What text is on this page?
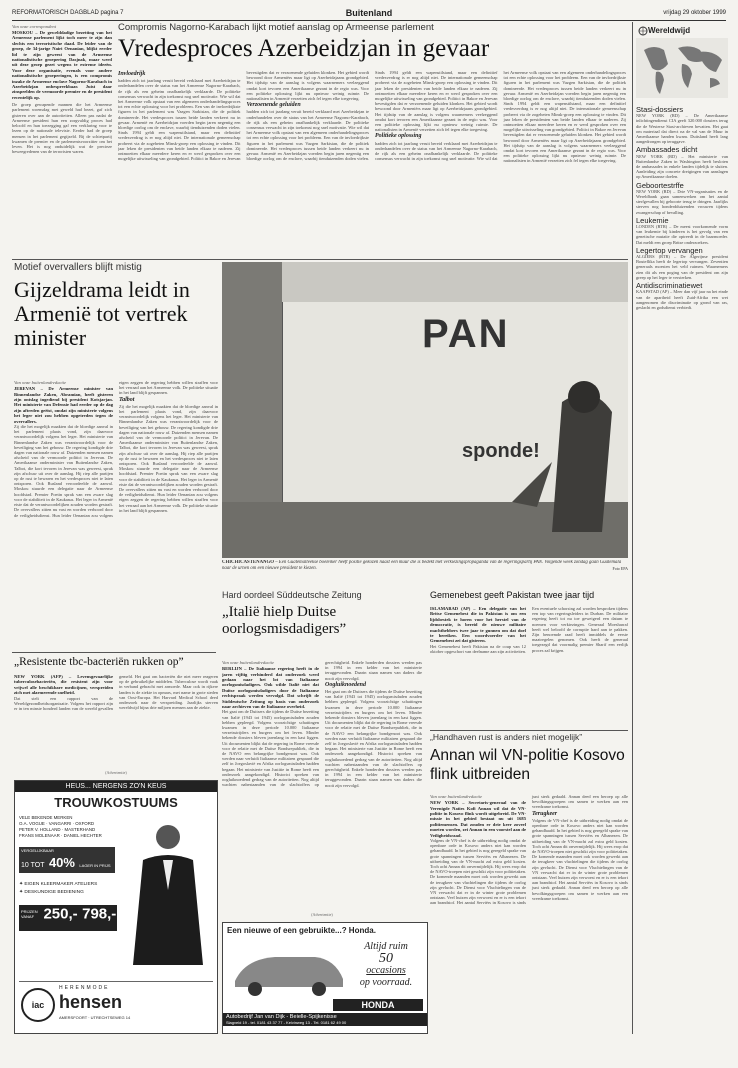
REFORMATORISCH DAGBLAD pagina 7	Buitenland	vrijdag 29 oktober 1999
Van onze correspondent
MOSKOU – De gewelddadige bezetting van het Armeense parlement lijkt toch meer te zijn dan slechts een terroristische daad. De leider van de groep, de 34-jarige Nairi Oenanian, blijkt eerder lid te zijn geweest van de Armeense nationalistische groepering Dasjnak, maar werd uit deze groep gezet wegens te extreme ideeën. Voor deze organisatie, evenals voor andere nationalistische groeperingen, is een compromis inzake de Armeense enclave Nagorno-Karabach in Azerbeidzjan onbespreekbaar. Juist daar zinspeelden de vermoorde premier en de president recentelijk op.
De groep gewapende mannen die het Armeense parlement woensdag met geweld had bezet, gaf zich gisteren over aan de autoriteiten. Alleen pas nadat de Armeense president hun een zorgvuldig proces had beloofd en hun toezegging gaf een verklaring voor te lezen op de nationale televisie. Eerder had de groep mensen in het parlement gegijzeld. Bij de schietpartij kwamen de premier en de parlementsvoorzitter om het leven. Het is nog onduidelijk wat de precieze beweegredenen van de terroristen waren.
Compromis Nagorno-Karabach lijkt motief aanslag op Armeense parlement
Vredesproces Azerbeidzjan in gevaar
Invloedrijk
hadden zich tot jaarlang veruit bereid verklaard met Azerbeidzjan te onderhandelen over de status van het Armeense Nagorno-Karabach, de rijk als een geheim onafhankelijk verklaarde. De politieke consensus verwacht in zijn toekomst nog snel motivatie. Wie wil dat het Armeense volk opstaat van een algemeen onderhandelingsproces tot een echte oplossing voor het probleem. Een van de invloedrijkste figuren in het parlement was Vazgen Sarkisian, die de politiek domineerde. Het vredesproces tussen beide landen verkeert nu in gevaar. Armenië en Azerbeidzjan voerden begin jaren negentig een bloedige oorlog om de enclave, waarbij tienduizenden doden vielen. Sinds 1994 geldt een wapenstilstand, maar een definitief vredesverdrag is er nog altijd niet. De internationale gemeenschap probeert via de zogeheten Minsk-groep een oplossing te vinden. Dit jaar leken de presidenten van beide landen elkaar te naderen. Zij ontmoetten elkaar meerdere keren en er werd gesproken over een mogelijke uitwisseling van grondgebied. Politici in Bakoe en Jerevan bevestigden dat er verzoenende geluiden klonken. Het gebied wordt bewoond door Armeniërs maar ligt op Azerbeidzjaans grondgebied. Het tijdstip van de aanslag is volgens waarnemers veelzeggend omdat kort tevoren een Amerikaanse gezant in de regio was. Voor een politieke oplossing lijkt nu opnieuw weinig ruimte. De nationalisten in Armenië verzetten zich fel tegen elke toegeving.
Verzoenende geluiden
hadden zich tot jaarlang veruit bereid verklaard met Azerbeidzjan te onderhandelen over de status van het Armeense Nagorno-Karabach, de rijk als een geheim onafhankelijk verklaarde. De politieke consensus verwacht in zijn toekomst nog snel motivatie. Wie wil dat het Armeense volk opstaat van een algemeen onderhandelingsproces tot een echte oplossing voor het probleem. Een van de invloedrijkste figuren in het parlement was Vazgen Sarkisian, die de politiek domineerde. Het vredesproces tussen beide landen verkeert nu in gevaar. Armenië en Azerbeidzjan voerden begin jaren negentig een bloedige oorlog om de enclave, waarbij tienduizenden doden vielen. Sinds 1994 geldt een wapenstilstand, maar een definitief vredesverdrag is er nog altijd niet. De internationale gemeenschap probeert via de zogeheten Minsk-groep een oplossing te vinden. Dit jaar leken de presidenten van beide landen elkaar te naderen. Zij ontmoetten elkaar meerdere keren en er werd gesproken over een mogelijke uitwisseling van grondgebied. Politici in Bakoe en Jerevan bevestigden dat er verzoenende geluiden klonken. Het gebied wordt bewoond door Armeniërs maar ligt op Azerbeidzjaans grondgebied. Het tijdstip van de aanslag is volgens waarnemers veelzeggend omdat kort tevoren een Amerikaanse gezant in de regio was. Voor een politieke oplossing lijkt nu opnieuw weinig ruimte. De nationalisten in Armenië verzetten zich fel tegen elke toegeving.
Politieke oplossing
hadden zich tot jaarlang veruit bereid verklaard met Azerbeidzjan te onderhandelen over de status van het Armeense Nagorno-Karabach, de rijk als een geheim onafhankelijk verklaarde. De politieke consensus verwacht in zijn toekomst nog snel motivatie. Wie wil dat het Armeense volk opstaat van een algemeen onderhandelingsproces tot een echte oplossing voor het probleem. Een van de invloedrijkste figuren in het parlement was Vazgen Sarkisian, die de politiek domineerde. Het vredesproces tussen beide landen verkeert nu in gevaar. Armenië en Azerbeidzjan voerden begin jaren negentig een bloedige oorlog om de enclave, waarbij tienduizenden doden vielen. Sinds 1994 geldt een wapenstilstand, maar een definitief vredesverdrag is er nog altijd niet. De internationale gemeenschap probeert via de zogeheten Minsk-groep een oplossing te vinden. Dit jaar leken de presidenten van beide landen elkaar te naderen. Zij ontmoetten elkaar meerdere keren en er werd gesproken over een mogelijke uitwisseling van grondgebied. Politici in Bakoe en Jerevan bevestigden dat er verzoenende geluiden klonken. Het gebied wordt bewoond door Armeniërs maar ligt op Azerbeidzjaans grondgebied. Het tijdstip van de aanslag is volgens waarnemers veelzeggend omdat kort tevoren een Amerikaanse gezant in de regio was. Voor een politieke oplossing lijkt nu opnieuw weinig ruimte. De nationalisten in Armenië verzetten zich fel tegen elke toegeving.
Motief overvallers blijft mistig
Gijzeldrama leidt in Armenië tot vertrek minister
Van onze buitenlandredactie
JEREVAN – De Armeense minister van Binnenlandse Zaken, Abramian, heeft gisteren zijn ontslag ingediend bij president Kotsjarjan. Het ministerie van Defensie had eerder op de dag zijn aftreden geëist, omdat zijn ministerie volgens het leger niet zou hebben opgetreden tegen de overvallers.
Zij die het mogelijk maakten dat de bloedige aanval in het parlement plaats vond, zijn daarvoor verantwoordelijk volgens het leger. Het ministerie van Binnenlandse Zaken was verantwoordelijk voor de beveiliging van het gebouw. De regering kondigde drie dagen van nationale rouw af. Duizenden mensen namen afscheid van de vermoorde politici in Jerevan. De Amerikaanse onderminister van Buitenlandse Zaken, Talbot, die kort tevoren in Jerevan was geweest, sprak zijn afschuw uit over de aanslag. Hij riep alle partijen op de rust te bewaren en het vredesproces niet te laten ontsporen. Ook Rusland veroordeelde de aanval. Moskou stuurde een delegatie naar de Armeense hoofdstad. Premier Poetin sprak van een zware slag voor de stabiliteit in de Kaukasus. Het leger in Armenië eiste dat de verantwoordelijken zouden worden gestraft. De overvallers zitten nu vast en worden verhoord door de veiligheidsdienst. Hun leider Oenanian zou volgens eigen zeggen de regering hebben willen straffen voor het verraad aan het Armeense volk. De politieke situatie in het land blijft gespannen.
Talbot
Zij die het mogelijk maakten dat de bloedige aanval in het parlement plaats vond, zijn daarvoor verantwoordelijk volgens het leger. Het ministerie van Binnenlandse Zaken was verantwoordelijk voor de beveiliging van het gebouw. De regering kondigde drie dagen van nationale rouw af. Duizenden mensen namen afscheid van de vermoorde politici in Jerevan. De Amerikaanse onderminister van Buitenlandse Zaken, Talbot, die kort tevoren in Jerevan was geweest, sprak zijn afschuw uit over de aanslag. Hij riep alle partijen op de rust te bewaren en het vredesproces niet te laten ontsporen. Ook Rusland veroordeelde de aanval. Moskou stuurde een delegatie naar de Armeense hoofdstad. Premier Poetin sprak van een zware slag voor de stabiliteit in de Kaukasus. Het leger in Armenië eiste dat de verantwoordelijken zouden worden gestraft. De overvallers zitten nu vast en worden verhoord door de veiligheidsdienst. Hun leider Oenanian zou volgens eigen zeggen de regering hebben willen straffen voor het verraad aan het Armeense volk. De politieke situatie in het land blijft gespannen.
PAN
sponde!
CHICHICASTENANGO – Een Guatemalteekse boeleiker heeft positie gekozen naast een muur die is bedekt met verkiezingspropaganda van de regeringspartij PAN. Volgende week zondag gaan Guatemala naar de urnen om een nieuwe president te kiezen.	Foto EPA
Hard oordeel Süddeutsche Zeitung
„Italië hielp Duitse oorlogsmisdadigers”
Van onze buitenlandredactie
BERLIJN – De Italiaanse regering heeft in de jaren vijftig verhinderd dat onderzoek werd gedaan naar het lot van Italiaanse oorlogsmisdadigers. Ook wilde Italië niet dat Duitse oorlogsmisdadigers door de Italiaanse rechtspraak werden vervolgd. Dat schrijft de Süddeutsche Zeitung op basis van onderzoek naar archieven van de Italiaanse overheid.
Het gaat om de Duitsers die tijdens de Duitse bezetting van Italië (1943 tot 1945) oorlogsmisdaden zouden hebben gepleegd. Volgens voorzichtige schattingen kwamen in deze periode 10.000 Italiaanse verzetsstrijders en burgers om het leven. Minder bekende dossiers bleven jarenlang in een kast liggen. Uit documenten blijkt dat de regering in Rome vreesde voor de relatie met de Duitse Bondsrepubliek, die in de NAVO een belangrijke bondgenoot was. Ook werden naar verluidt Italiaanse militairen gespaard die zelf in Joegoslavië en Afrika oorlogsmisdaden hadden begaan. Het ministerie van Justitie in Rome heeft een onderzoek aangekondigd. Historici spreken van oogluiknoedend gedrag van de autoriteiten. Nog altijd wachten nabestaanden van de slachtoffers op gerechtigheid. Enkele honderden dossiers werden pas in 1994 in een kelder van het ministerie teruggevonden. Daarin staan namen van daders die nooit zijn vervolgd.
Oogluiknoedend
Het gaat om de Duitsers die tijdens de Duitse bezetting van Italië (1943 tot 1945) oorlogsmisdaden zouden hebben gepleegd. Volgens voorzichtige schattingen kwamen in deze periode 10.000 Italiaanse verzetsstrijders en burgers om het leven. Minder bekende dossiers bleven jarenlang in een kast liggen. Uit documenten blijkt dat de regering in Rome vreesde voor de relatie met de Duitse Bondsrepubliek, die in de NAVO een belangrijke bondgenoot was. Ook werden naar verluidt Italiaanse militairen gespaard die zelf in Joegoslavië en Afrika oorlogsmisdaden hadden begaan. Het ministerie van Justitie in Rome heeft een onderzoek aangekondigd. Historici spreken van oogluiknoedend gedrag van de autoriteiten. Nog altijd wachten nabestaanden van de slachtoffers op gerechtigheid. Enkele honderden dossiers werden pas in 1994 in een kelder van het ministerie teruggevonden. Daarin staan namen van daders die nooit zijn vervolgd.
„Resistente tbc-bacteriën rukken op”
NEW YORK (AFP) – Levensgevaarlijke tuberculosebacteriën, die resistent zijn voor vrijwel alle beschikbare medicijnen, verspreiden zich met alarmerende snelheid.
Dat stelt een rapport van de Wereldgezondheidsorganisatie. Volgens het rapport zijn er in ten minste honderd landen van de wereld gevallen gemeld. Het gaat om bacteriën die niet meer reageren op de gebruikelijke middelen. Tuberculose wordt vaak in verband gebracht met armoede. Maar ook in rijkere landen is de ziekte in opmars, met name in grote steden van Oost-Europa. Het Harvard Medical School deed onderzoek naar de verspreiding. Jaarlijks sterven wereldwijd bijna drie miljoen mensen aan de ziekte.
(Advertentie)
HEUS... NERGENS ZO'N KEUS
TROUWKOSTUUMS
VELE BEKENDE MERKEN
O.A. VOGUE · VANGARRI · OXFORD
PETER V. HOLLAND · MASTERHAND
FRANS MOLENAAR · DANIEL HECHTER
VERGELIJKBAAR
10 TOT 40% LAGER IN PRIJS
✦ EIGEN KLEERMAKER ATELIERS
✦ DESKUNDIGE BEDIENING
PRIJZEN VANAF 250,- 798,-
iac
HERENMODE
hensen
AMERSFOORT · UTRECHTSEWEG 14
(Advertentie)
Een nieuwe of een gebruikte...? Honda.
Altijd ruim
50
occasions
op voorraad.
HONDA
Autobedrijf Jan van Dijk - Beielle-Spijkenisse
Slagveld 19 - tel. 0181 43 37 77 - Kelvinweg 13 - Tel. 0181 62 49 00
Gemenebest geeft Pakistan twee jaar tijd
ISLAMABAD (AP) – Een delegatie van het Britse Gemenebest die in Pakistan is om een lijdsbestek te horen voor het herstel van de democratie, is bereid de nieuwe militaire machthebbers twee jaar te gunnen om dat doel te bereiken. Een woordvoerder van het Gemenebest zei dat gisteren.
Het Gemenebest heeft Pakistan na de coup van 12 oktober opgeschort van deelname aan zijn activiteiten. Een eventuele schorsing zal worden besproken tijdens een top van regeringsleiders in Durban. De militaire regering heeft tot nu toe geweigerd een datum te noemen voor verkiezingen. Generaal Moesharraf heeft wel beloofd de corruptie hard aan te pakken. Zijn benoemde raad heeft inmiddels de eerste maatregelen genomen. Ook heeft de generaal toegezegd dat voormalig premier Sharif een eerlijk proces zal krijgen.
„Handhaven rust is anders niet mogelijk”
Annan wil VN-politie Kosovo flink uitbreiden
Van onze buitenlandredactie
NEW YORK – Secretaris-generaal van de Verenigde Naties Kofi Annan wil dat de VN-politie in Kosovo flink wordt uitgebreid. De VN-missie in het gebied bestaat nu uit 1685 politiemensen. Dat zouden er drie keer zoveel moeten worden, zei Annan in een voorstel aan de Veiligheidsraad.
Volgens de VN-chef is de uitbreiding nodig omdat de openbare orde in Kosovo anders niet kan worden gehandhaafd. In het gebied is nog geregeld sprake van grote spanningen tussen Serviërs en Albanezen. De uitbreiding van de VN-macht zal extra geld kosten. Toch acht Annan dit onvermijdelijk. Hij wees erop dat de NAVO-troepen niet geschikt zijn voor politietaken. De komende maanden moet ook worden gewerkt aan de terugkeer van vluchtelingen die tijdens de oorlog zijn gevlucht. De Dienst voor Vluchtelingen van de VN verwacht dat er in de winter grote problemen ontstaan. Veel huizen zijn verwoest en er is een tekort aan brandstof. Het aantal Serviërs in Kosovo is sinds juni sterk gedaald. Annan deed een beroep op alle bevolkingsgroepen om samen te werken aan een vreedzame toekomst.
Terugkeer
Volgens de VN-chef is de uitbreiding nodig omdat de openbare orde in Kosovo anders niet kan worden gehandhaafd. In het gebied is nog geregeld sprake van grote spanningen tussen Serviërs en Albanezen. De uitbreiding van de VN-macht zal extra geld kosten. Toch acht Annan dit onvermijdelijk. Hij wees erop dat de NAVO-troepen niet geschikt zijn voor politietaken. De komende maanden moet ook worden gewerkt aan de terugkeer van vluchtelingen die tijdens de oorlog zijn gevlucht. De Dienst voor Vluchtelingen van de VN verwacht dat er in de winter grote problemen ontstaan. Veel huizen zijn verwoest en er is een tekort aan brandstof. Het aantal Serviërs in Kosovo is sinds juni sterk gedaald. Annan deed een beroep op alle bevolkingsgroepen om samen te werken aan een vreedzame toekomst.
Wereldwijd
Stasi-dossiers
NEW YORK (RD) – De Amerikaanse inlichtingendienst CIA geeft 320.000 dossiers terug die de Westerse Stasi-archieven bevatten. Het gaat om materiaal dat direct na de val van de Muur in Amerikaanse handen kwam. Duitsland heeft lang aangedrongen op teruggave.
Ambassades dicht
NEW YORK (RD) – Het ministerie van Buitenlandse Zaken in Washington heeft besloten de ambassades in enkele landen tijdelijk te sluiten. Aanleiding zijn concrete dreigingen van aanslagen op Amerikaanse doelen.
Geboortestrffe
NEW YORK (RD) – Drie VN-organisaties en de Wereldbank gaan samenwerken om het aantal sterfgevallen bij geboorte terug te dringen. Jaarlijks sterven nog honderdduizenden vrouwen tijdens zwangerschap of bevalling.
Leukemie
LONDEN (RTR) – De meest voorkomende vorm van leukemie bij kinderen is het gevolg van een genetische mutatie die optreedt in de baarmoeder. Dat meldt een groep Britse onderzoekers.
Legertop vervangen
ALGIERS (RTR) – De Algerijnse president Bouteflika heeft de legertop vervangen. Zeventien generaals moesten het veld ruimen. Waarnemers zien dit als een poging van de president om zijn greep op het leger te versterken.
Antidiscriminatiewet
KAAPSTAD (AP) – Meer dan vijf jaar na het einde van de apartheid heeft Zuid-Afrika een wet aangenomen die discriminatie op grond van ras, geslacht en godsdienst verbiedt.
